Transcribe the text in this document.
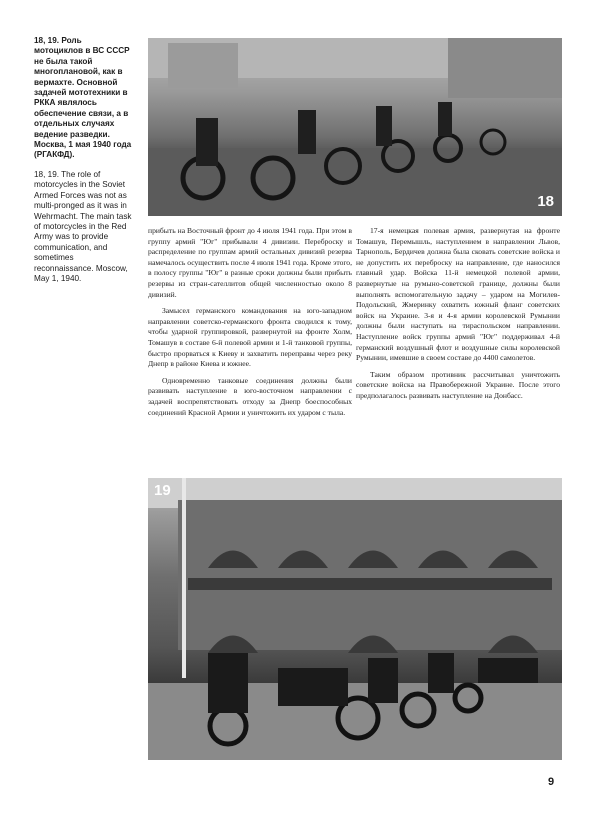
18, 19. Роль мотоциклов в ВС СССР не была такой многоплановой, как в вермахте. Основной задачей мототехники в РККА являлось обеспечение связи, а в отдельных случаях ведение разведки. Москва, 1 мая 1940 года (РГАКФД).

18, 19. The role of motorcycles in the Soviet Armed Forces was not as multi-pronged as it was in Wehrmacht. The main task of motorcycles in the Red Army was to provide communication, and sometimes reconnaissance. Moscow, May 1, 1940.

18

прибыть на Восточный фронт до 4 июля 1941 года. При этом в группу армий "Юг" прибывали 4 дивизии. Переброску и распределение по группам армий остальных дивизий резерва намечалось осуществить после 4 июля 1941 года. Кроме этого, в полосу группы "Юг" в разные сроки должны были прибыть резервы из стран-сателлитов общей численностью около 8 дивизий.

Замысел германского командования на юго-западном направлении советско-германского фронта сводился к тому, чтобы ударной группировкой, развернутой на фронте Холм, Томашув в составе 6-й полевой армии и 1-й танковой группы, быстро прорваться к Киеву и захватить переправы через реку Днепр в районе Киева и южнее.

Одновременно танковые соединения должны были развивать наступление в юго-восточном направлении с задачей воспрепятствовать отходу за Днепр боеспособных соединений Красной Армии и уничтожить их ударом с тыла.

17-я немецкая полевая армия, развернутая на фронте Томашув, Перемышль, наступлением в направлении Львов, Тарнополь, Бердичев должна была сковать советские войска и не допустить их переброску на направление, где наносился главный удар. Войска 11-й немецкой полевой армии, развернутые на румыно-советской границе, должны были выполнять вспомогательную задачу – ударом на Могилев-Подольский, Жмеринку охватить южный фланг советских войск на Украине. 3-я и 4-я армии королевской Румынии должны были наступать на тираспольском направлении. Наступление войск группы армий "Юг" поддерживал 4-й германский воздушный флот и воздушные силы королевской Румынии, имевшие в своем составе до 4400 самолетов.

Таким образом противник рассчитывал уничтожить советские войска на Правобережной Украине. После этого предполагалось развивать наступление на Донбасс.

19
9
